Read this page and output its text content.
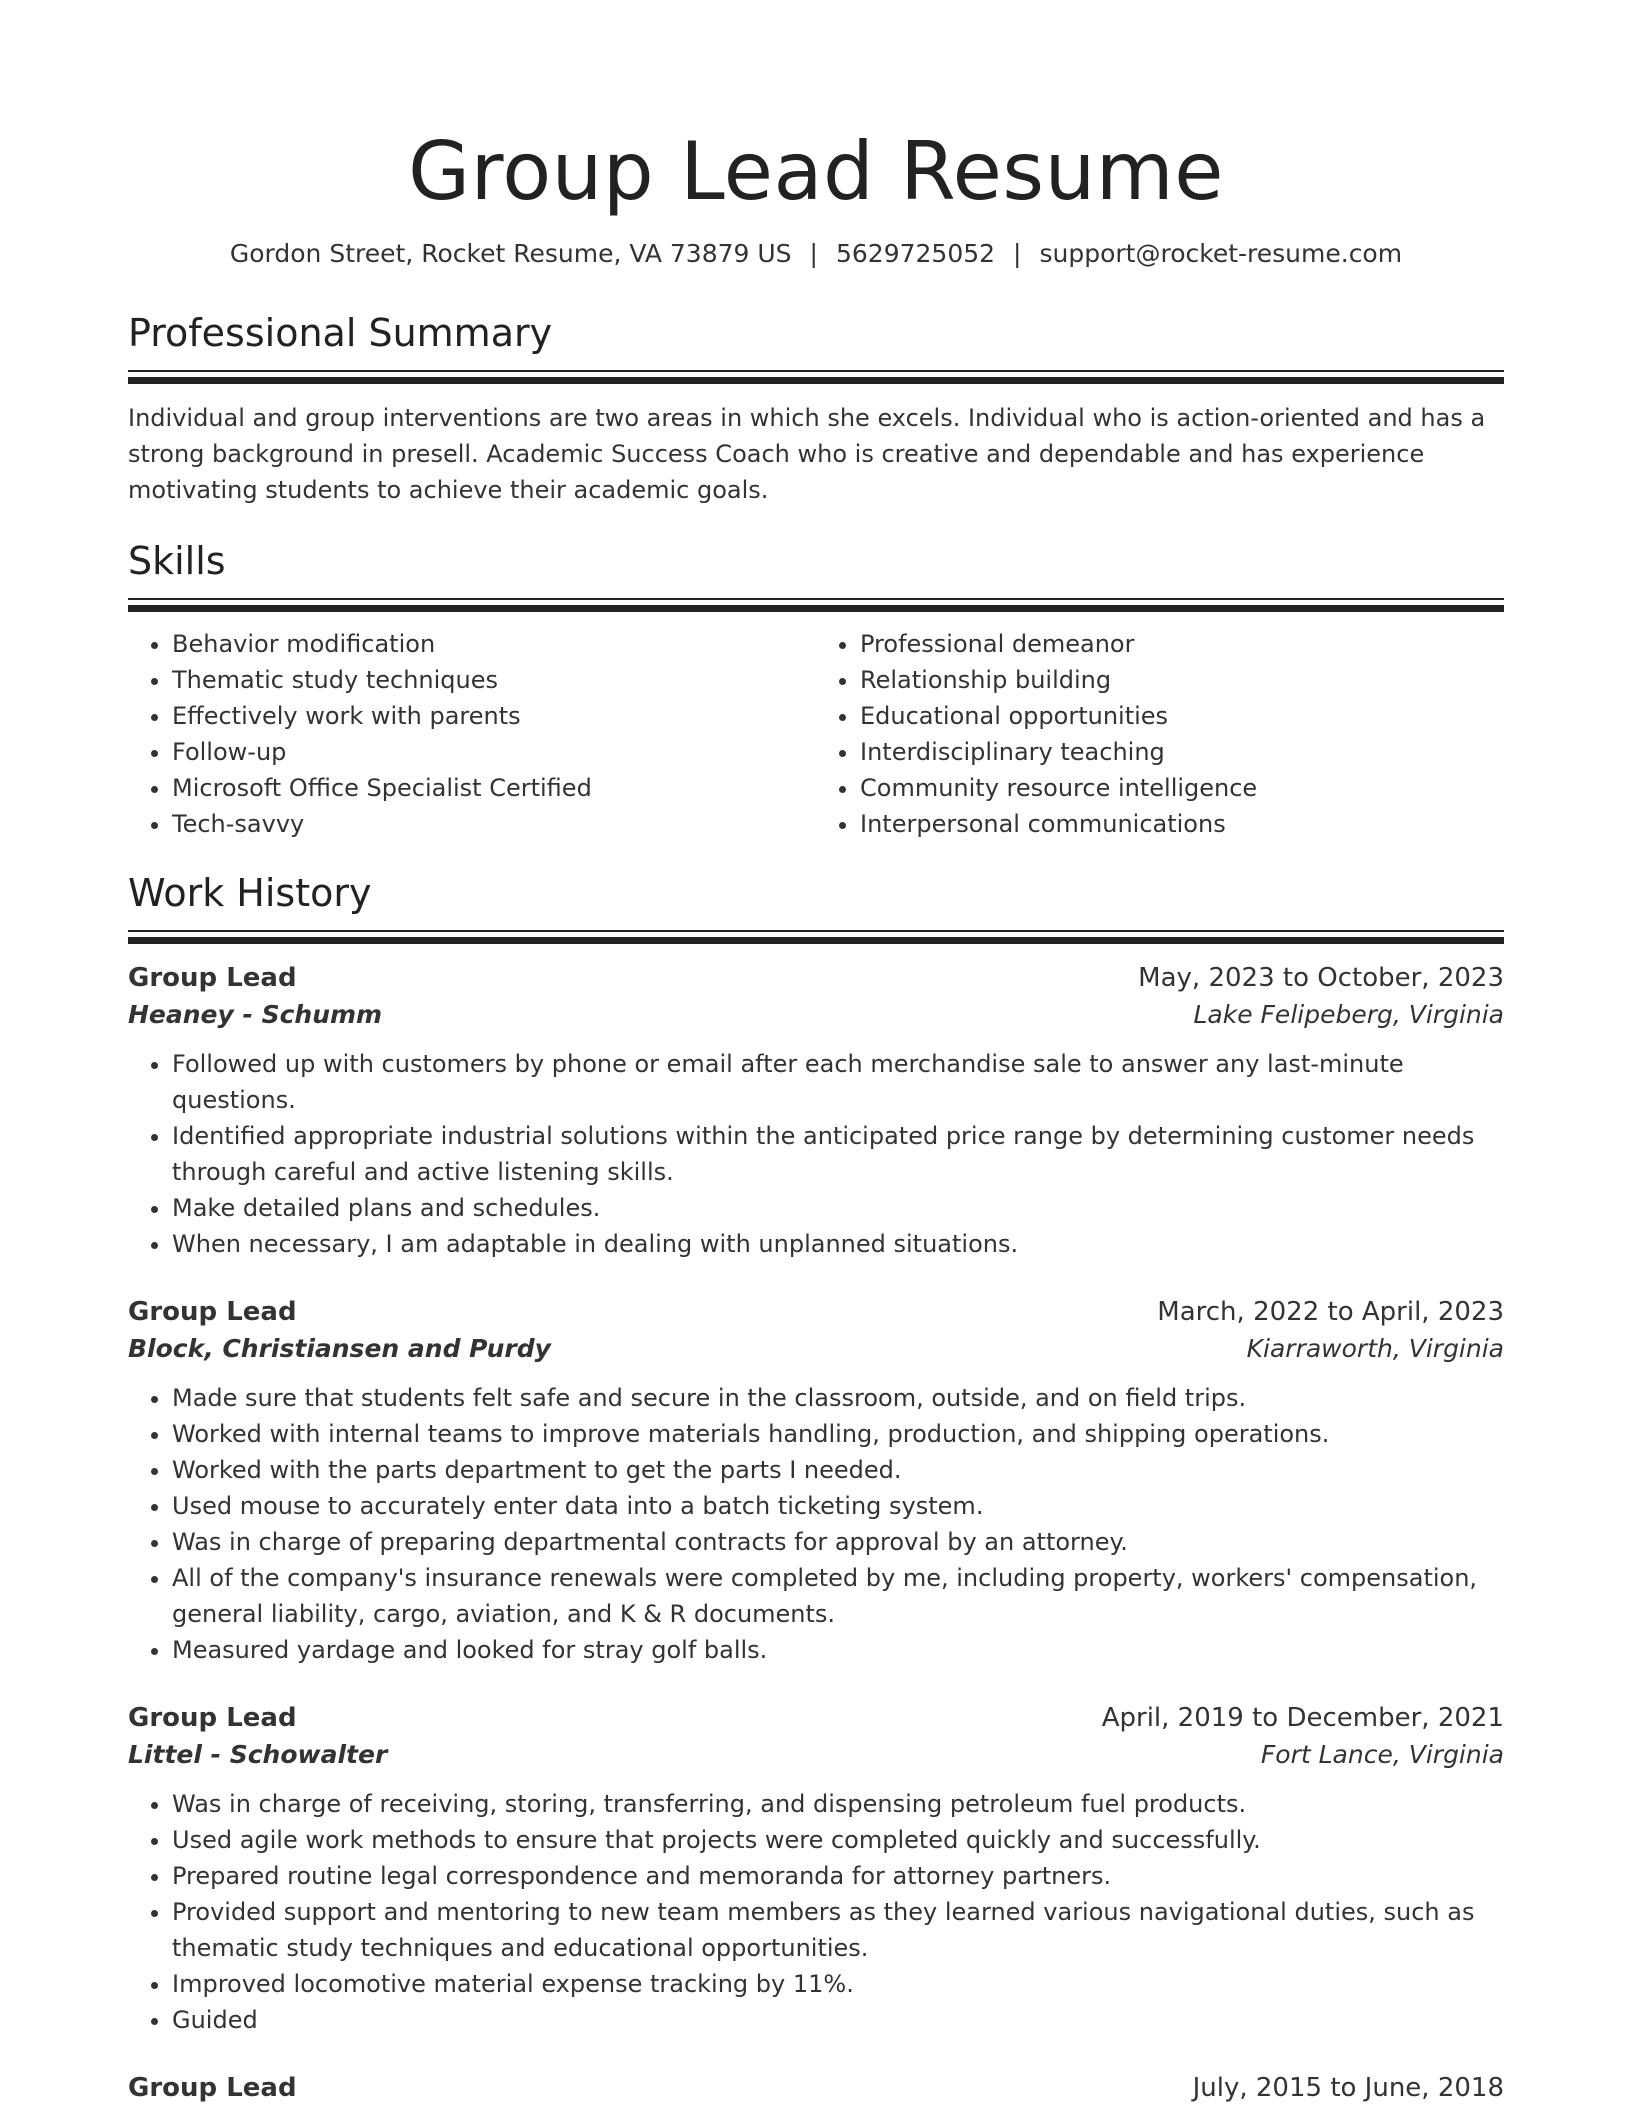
Group Lead Resume
Gordon Street, Rocket Resume, VA 73879 US | 5629725052 | support@rocket-resume.com
Professional Summary
Individual and group interventions are two areas in which she excels. Individual who is action-oriented and has a strong background in presell. Academic Success Coach who is creative and dependable and has experience motivating students to achieve their academic goals.
Skills
• Behavior modification
• Thematic study techniques
• Effectively work with parents
• Follow-up
• Microsoft Office Specialist Certified
• Tech-savvy
• Professional demeanor
• Relationship building
• Educational opportunities
• Interdisciplinary teaching
• Community resource intelligence
• Interpersonal communications
Work History
Group Lead	May, 2023 to October, 2023
Heaney - Schumm	Lake Felipeberg, Virginia
• Followed up with customers by phone or email after each merchandise sale to answer any last-minute questions.
• Identified appropriate industrial solutions within the anticipated price range by determining customer needs through careful and active listening skills.
• Make detailed plans and schedules.
• When necessary, I am adaptable in dealing with unplanned situations.
Group Lead	March, 2022 to April, 2023
Block, Christiansen and Purdy	Kiarraworth, Virginia
• Made sure that students felt safe and secure in the classroom, outside, and on field trips.
• Worked with internal teams to improve materials handling, production, and shipping operations.
• Worked with the parts department to get the parts I needed.
• Used mouse to accurately enter data into a batch ticketing system.
• Was in charge of preparing departmental contracts for approval by an attorney.
• All of the company's insurance renewals were completed by me, including property, workers' compensation, general liability, cargo, aviation, and K & R documents.
• Measured yardage and looked for stray golf balls.
Group Lead	April, 2019 to December, 2021
Littel - Schowalter	Fort Lance, Virginia
• Was in charge of receiving, storing, transferring, and dispensing petroleum fuel products.
• Used agile work methods to ensure that projects were completed quickly and successfully.
• Prepared routine legal correspondence and memoranda for attorney partners.
• Provided support and mentoring to new team members as they learned various navigational duties, such as thematic study techniques and educational opportunities.
• Improved locomotive material expense tracking by 11%.
• Guided
Group Lead	July, 2015 to June, 2018
